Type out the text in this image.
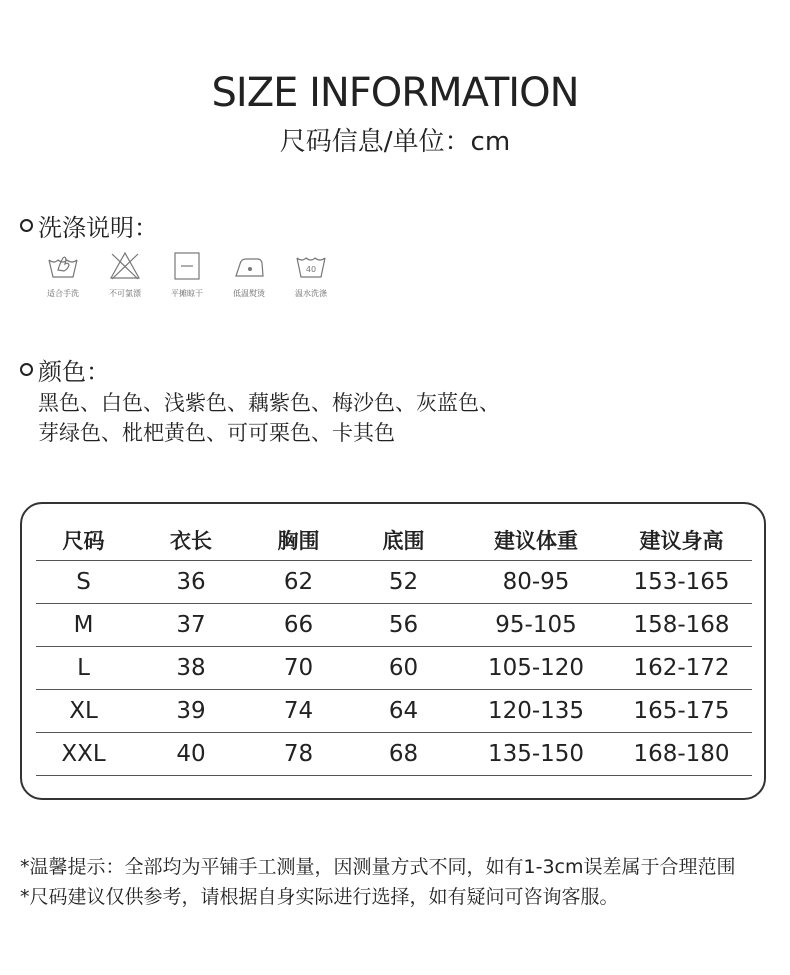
SIZE INFORMATION
尺码信息/单位：cm
洗涤说明：
适合手洗	不可氯漂	平摊晾干	低温熨烫
40
温水洗涤
颜色：
黑色、白色、浅紫色、藕紫色、梅沙色、灰蓝色、
芽绿色、枇杷黄色、可可栗色、卡其色
尺码	衣长	胸围	底围	建议体重	建议身高
S	36	62	52	80-95	153-165
M	37	66	56	95-105	158-168
L	38	70	60	105-120	162-172
XL	39	74	64	120-135	165-175
XXL	40	78	68	135-150	168-180
*温馨提示：全部均为平铺手工测量，因测量方式不同，如有1-3cm误差属于合理范围
*尺码建议仅供参考，请根据自身实际进行选择，如有疑问可咨询客服。
